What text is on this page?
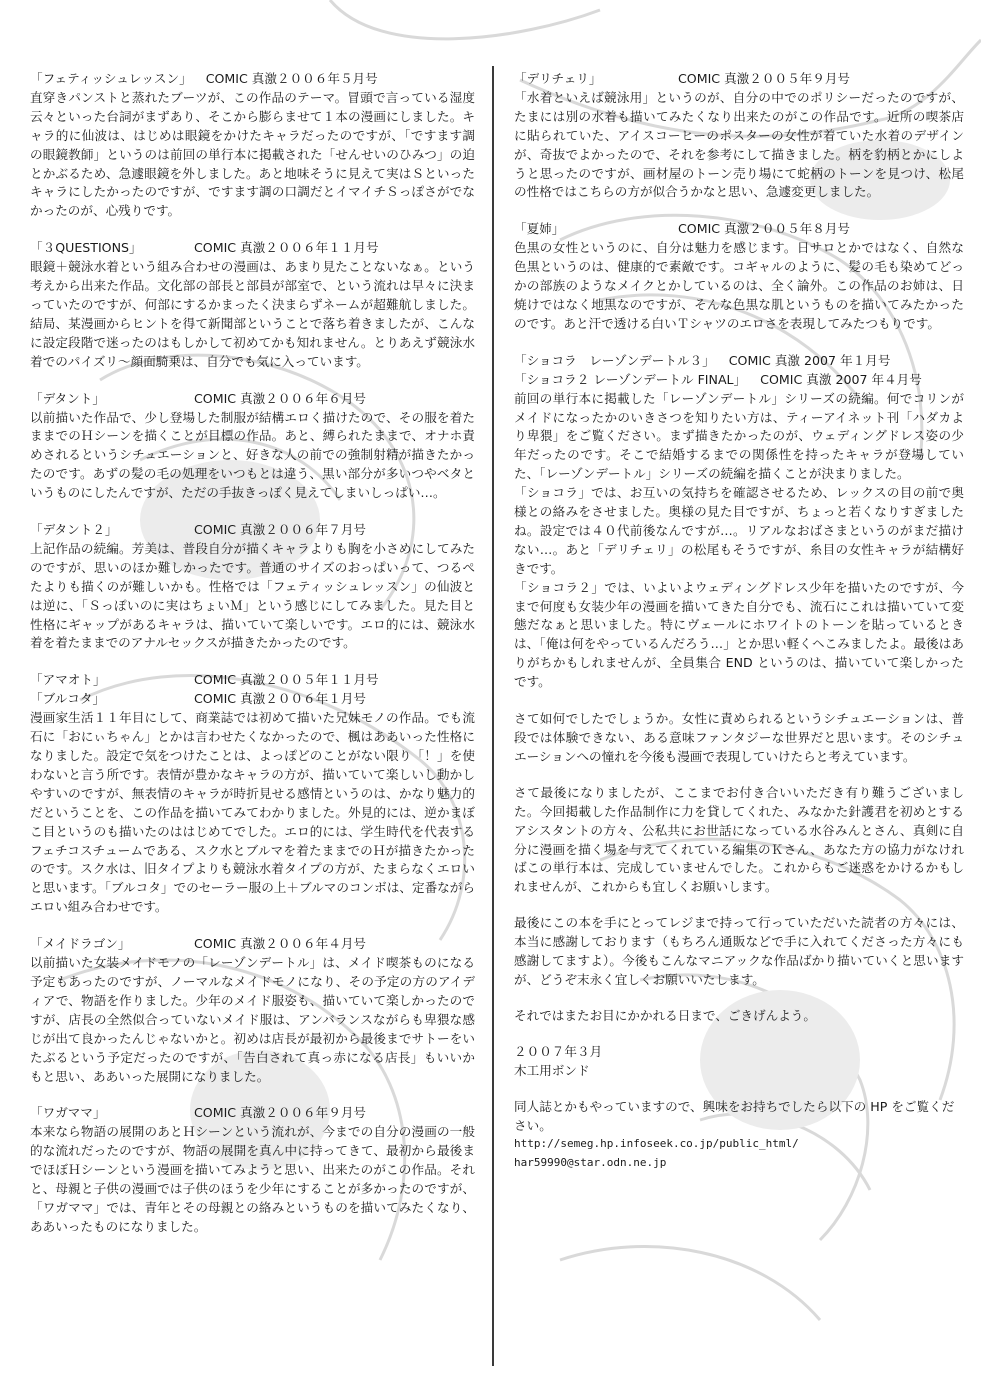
「フェティッシュレッスン」 COMIC 真激２００６年５月号
直穿きパンストと蒸れたブーツが、この作品のテーマ。冒頭で言っている湿度云々といった台詞がまずあり、そこから膨らませて１本の漫画にしました。キャラ的に仙波は、はじめは眼鏡をかけたキャラだったのですが、「ですます調の眼鏡教師」というのは前回の単行本に掲載された「せんせいのひみつ」の迫とかぶるため、急遽眼鏡を外しました。あと地味そうに見えて実はＳといったキャラにしたかったのですが、ですます調の口調だとイマイチＳっぽさがでなかったのが、心残りです。
「３QUESTIONS」	COMIC 真激２００６年１１月号
眼鏡＋競泳水着という組み合わせの漫画は、あまり見たことないなぁ。という考えから出来た作品。文化部の部長と部員が部室で、という流れは早々に決まっていたのですが、何部にするかまったく決まらずネームが超難航しました。結局、某漫画からヒントを得て新聞部ということで落ち着きましたが、こんなに設定段階で迷ったのはもしかして初めてかも知れません。とりあえず競泳水着でのパイズリ〜顔面騎乗は、自分でも気に入っています。
「デタント」	COMIC 真激２００６年６月号
以前描いた作品で、少し登場した制服が結構エロく描けたので、その服を着たままでのＨシーンを描くことが目標の作品。あと、縛られたままで、オナホ責めされるというシチュエーションと、好きな人の前での強制射精が描きたかったのです。あずの髪の毛の処理をいつもとは違う、黒い部分が多いつやベタというものにしたんですが、ただの手抜きっぽく見えてしまいしっぱい…。
「デタント２」	COMIC 真激２００６年７月号
上記作品の続編。芳美は、普段自分が描くキャラよりも胸を小さめにしてみたのですが、思いのほか難しかったです。普通のサイズのおっぱいって、つるぺたよりも描くのが難しいかも。性格では「フェティッシュレッスン」の仙波とは逆に、「Ｓっぽいのに実はちょいＭ」という感じにしてみました。見た目と性格にギャップがあるキャラは、描いていて楽しいです。エロ的には、競泳水着を着たままでのアナルセックスが描きたかったのです。
「アマオト」	COMIC 真激２００５年１１月号
「ブルコタ」	COMIC 真激２００６年１月号
漫画家生活１１年目にして、商業誌では初めて描いた兄妹モノの作品。でも流石に「おにぃちゃん」とかは言わせたくなかったので、楓はああいった性格になりました。設定で気をつけたことは、よっぽどのことがない限り「！」を使わないと言う所です。表情が豊かなキャラの方が、描いていて楽しいし動かしやすいのですが、無表情のキャラが時折見せる感情というのは、かなり魅力的だということを、この作品を描いてみてわかりました。外見的には、逆かまぼこ目というのも描いたのははじめてでした。エロ的には、学生時代を代表するフェチコスチュームである、スク水とブルマを着たままでのＨが描きたかったのです。スク水は、旧タイプよりも競泳水着タイプの方が、たまらなくエロいと思います。「ブルコタ」でのセーラー服の上＋ブルマのコンボは、定番ながらエロい組み合わせです。
「メイドラゴン」	COMIC 真激２００６年４月号
以前描いた女装メイドモノの「レーゾンデートル」は、メイド喫茶ものになる予定もあったのですが、ノーマルなメイドモノになり、その予定の方のアイディアで、物語を作りました。少年のメイド服姿も、描いていて楽しかったのですが、店長の全然似合っていないメイド服は、アンバランスながらも卑猥な感じが出て良かったんじゃないかと。初めは店長が最初から最後までサトーをいたぶるという予定だったのですが、「告白されて真っ赤になる店長」もいいかもと思い、ああいった展開になりました。
「ワガママ」	COMIC 真激２００６年９月号
本来なら物語の展開のあとＨシーンという流れが、今までの自分の漫画の一般的な流れだったのですが、物語の展開を真ん中に持ってきて、最初から最後までほぼＨシーンという漫画を描いてみようと思い、出来たのがこの作品。それと、母親と子供の漫画では子供のほうを少年にすることが多かったのですが、「ワガママ」では、青年とその母親との絡みというものを描いてみたくなり、ああいったものになりました。
「デリチェリ」	COMIC 真激２００５年９月号
「水着といえば競泳用」というのが、自分の中でのポリシーだったのですが、たまには別の水着も描いてみたくなり出来たのがこの作品です。近所の喫茶店に貼られていた、アイスコーヒーのポスターの女性が着ていた水着のデザインが、奇抜でよかったので、それを参考にして描きました。柄を豹柄とかにしようと思ったのですが、画材屋のトーン売り場にて蛇柄のトーンを見つけ、松尾の性格ではこちらの方が似合うかなと思い、急遽変更しました。
「夏姉」	COMIC 真激２００５年８月号
色黒の女性というのに、自分は魅力を感じます。日サロとかではなく、自然な色黒というのは、健康的で素敵です。コギャルのように、髪の毛も染めてどっかの部族のようなメイクとかしているのは、全く論外。この作品のお姉は、日焼けではなく地黒なのですが、そんな色黒な肌というものを描いてみたかったのです。あと汗で透ける白いＴシャツのエロさを表現してみたつもりです。
「ショコラ　レーゾンデートル３」 COMIC 真激 2007 年１月号
「ショコラ２ レーゾンデートル FINAL」 COMIC 真激 2007 年４月号
前回の単行本に掲載した「レーゾンデートル」シリーズの続編。何でコリンがメイドになったかのいきさつを知りたい方は、ティーアイネット刊「ハダカより卑猥」をご覧ください。まず描きたかったのが、ウェディングドレス姿の少年だったのです。そこで結婚するまでの関係性を持ったキャラが登場していた、「レーゾンデートル」シリーズの続編を描くことが決まりました。
「ショコラ」では、お互いの気持ちを確認させるため、レックスの目の前で奥様との絡みをさせました。奥様の見た目ですが、ちょっと若くなりすぎましたね。設定では４０代前後なんですが…。リアルなおばさまというのがまだ描けない…。あと「デリチェリ」の松尾もそうですが、糸目の女性キャラが結構好きです。
「ショコラ２」では、いよいよウェディングドレス少年を描いたのですが、今まで何度も女装少年の漫画を描いてきた自分でも、流石にこれは描いていて変態だなぁと思いました。特にヴェールにホワイトのトーンを貼っているときは、「俺は何をやっているんだろう…」とか思い軽くヘこみましたよ。最後はありがちかもしれませんが、全員集合 END というのは、描いていて楽しかったです。
さて如何でしたでしょうか。女性に責められるというシチュエーションは、普段では体験できない、ある意味ファンタジーな世界だと思います。そのシチュエーションへの憧れを今後も漫画で表現していけたらと考えています。
さて最後になりましたが、ここまでお付き合いいただき有り難うございました。今回掲載した作品制作に力を貸してくれた、みなかた針護君を初めとするアシスタントの方々、公私共にお世話になっている水谷みんとさん、真剣に自分に漫画を描く場を与えてくれている編集のＫさん、あなた方の協力がなければこの単行本は、完成していませんでした。これからもご迷惑をかけるかもしれませんが、これからも宜しくお願いします。
最後にこの本を手にとってレジまで持って行っていただいた読者の方々には、本当に感謝しております（もちろん通販などで手に入れてくださった方々にも感謝してますよ）。今後もこんなマニアックな作品ばかり描いていくと思いますが、どうぞ末永く宜しくお願いいたします。
それではまたお目にかかれる日まで、ごきげんよう。
２００７年３月
木工用ボンド
同人誌とかもやっていますので、興味をお持ちでしたら以下の HP をご覧ください。
http://semeg.hp.infoseek.co.jp/public_html/
har59990@star.odn.ne.jp
